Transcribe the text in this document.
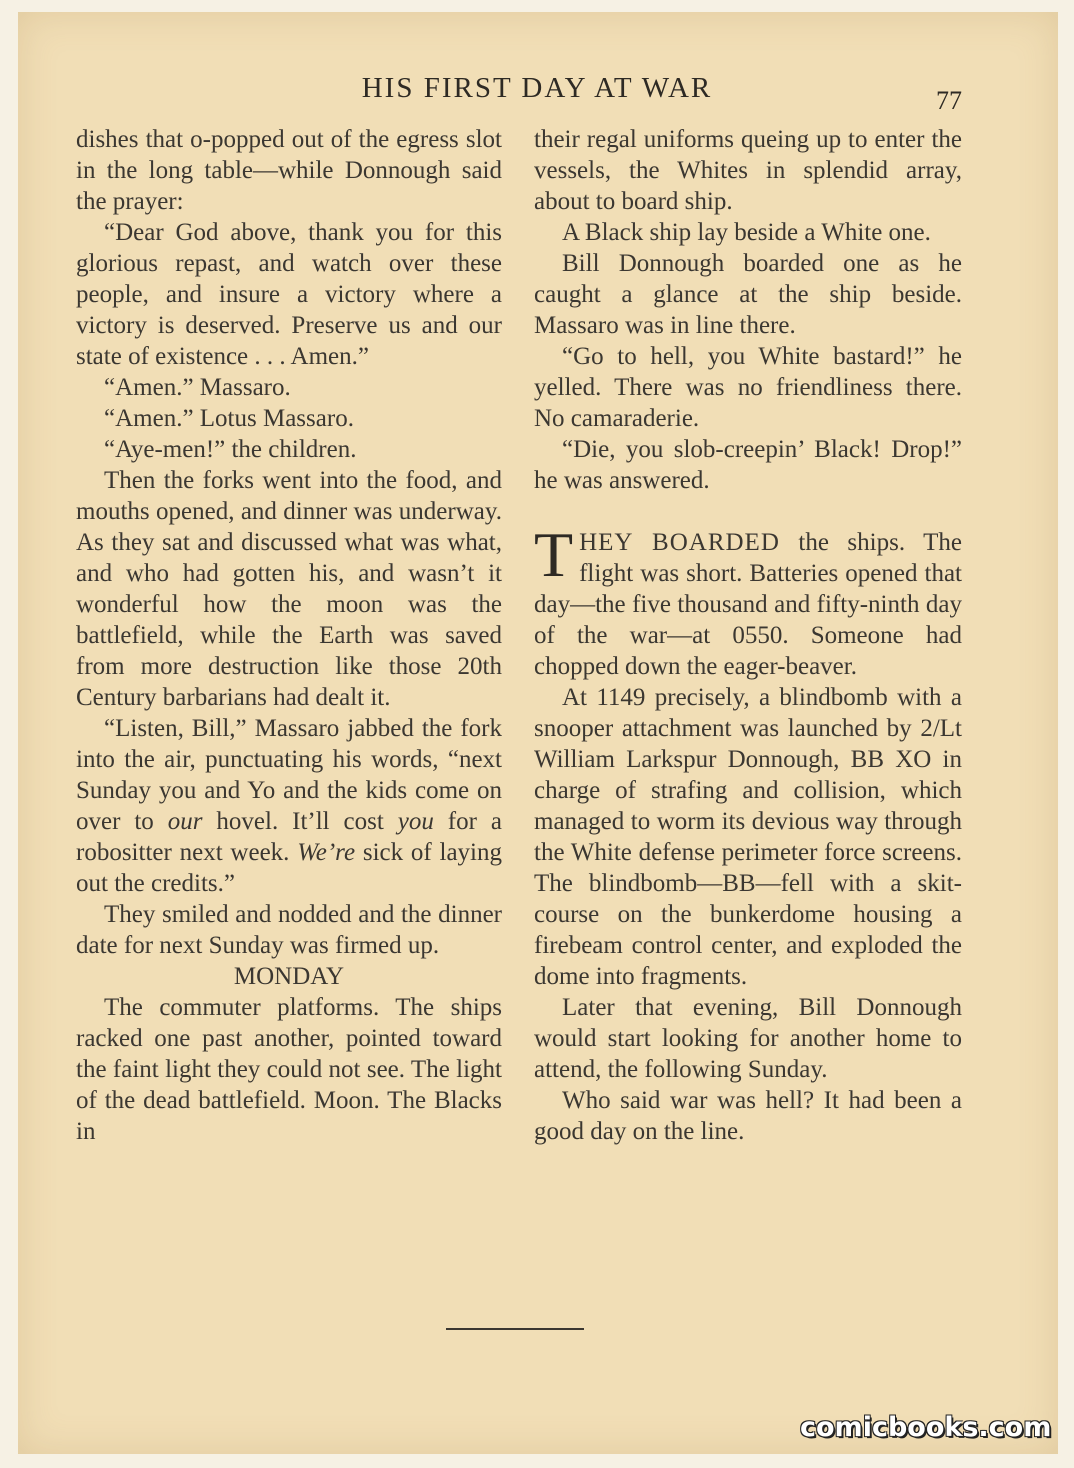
HIS FIRST DAY AT WAR	77

dishes that o-popped out of the egress slot in the long table—while Donnough said the prayer:

“Dear God above, thank you for this glorious repast, and watch over these people, and insure a victory where a victory is deserved. Preserve us and our state of existence . . . Amen.”

“Amen.” Massaro.

“Amen.” Lotus Massaro.

“Aye-men!” the children.

Then the forks went into the food, and mouths opened, and dinner was underway. As they sat and discussed what was what, and who had gotten his, and wasn’t it wonderful how the moon was the battlefield, while the Earth was saved from more destruction like those 20th Century barbarians had dealt it.

“Listen, Bill,” Massaro jabbed the fork into the air, punctuating his words, “next Sunday you and Yo and the kids come on over to our hovel. It’ll cost you for a robositter next week. We’re sick of laying out the credits.”

They smiled and nodded and the dinner date for next Sunday was firmed up.

MONDAY

The commuter platforms. The ships racked one past another, pointed toward the faint light they could not see. The light of the dead battlefield. Moon. The Blacks in

their regal uniforms queing up to enter the vessels, the Whites in splendid array, about to board ship.

A Black ship lay beside a White one.

Bill Donnough boarded one as he caught a glance at the ship beside. Massaro was in line there.

“Go to hell, you White bastard!” he yelled. There was no friendliness there. No camaraderie.

“Die, you slob-creepin’ Black! Drop!” he was answered.

THEY BOARDED the ships. The flight was short. Batteries opened that day—the five thousand and fifty-ninth day of the war—at 0550. Someone had chopped down the eager-beaver.

At 1149 precisely, a blindbomb with a snooper attachment was launched by 2/Lt William Larkspur Donnough, BB XO in charge of strafing and collision, which managed to worm its devious way through the White defense perimeter force screens. The blindbomb—BB—fell with a skit-course on the bunkerdome housing a firebeam control center, and exploded the dome into fragments.

Later that evening, Bill Donnough would start looking for another home to attend, the following Sunday.

Who said war was hell? It had been a good day on the line.

comicbooks.com
